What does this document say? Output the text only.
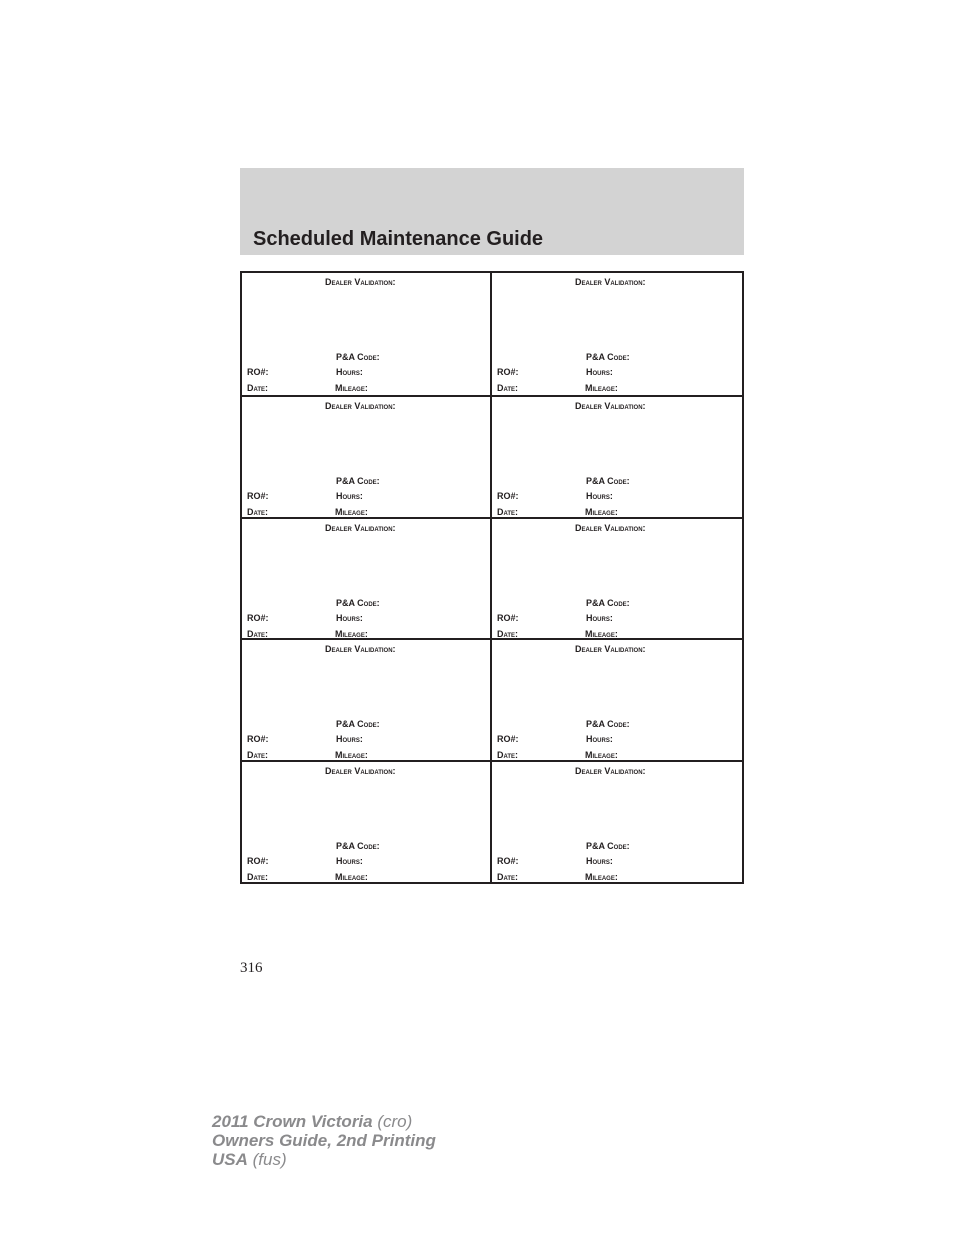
Scheduled Maintenance Guide
Dealer Validation:
P&A Code:
RO#:	Hours:
Date:	Mileage:
Dealer Validation:
P&A Code:
RO#:	Hours:
Date:	Mileage:
Dealer Validation:
P&A Code:
RO#:	Hours:
Date:	Mileage:
Dealer Validation:
P&A Code:
RO#:	Hours:
Date:	Mileage:
Dealer Validation:
P&A Code:
RO#:	Hours:
Date:	Mileage:
Dealer Validation:
P&A Code:
RO#:	Hours:
Date:	Mileage:
Dealer Validation:
P&A Code:
RO#:	Hours:
Date:	Mileage:
Dealer Validation:
P&A Code:
RO#:	Hours:
Date:	Mileage:
Dealer Validation:
P&A Code:
RO#:	Hours:
Date:	Mileage:
Dealer Validation:
P&A Code:
RO#:	Hours:
Date:	Mileage:
316
2011 Crown Victoria (cro)
Owners Guide, 2nd Printing
USA (fus)
